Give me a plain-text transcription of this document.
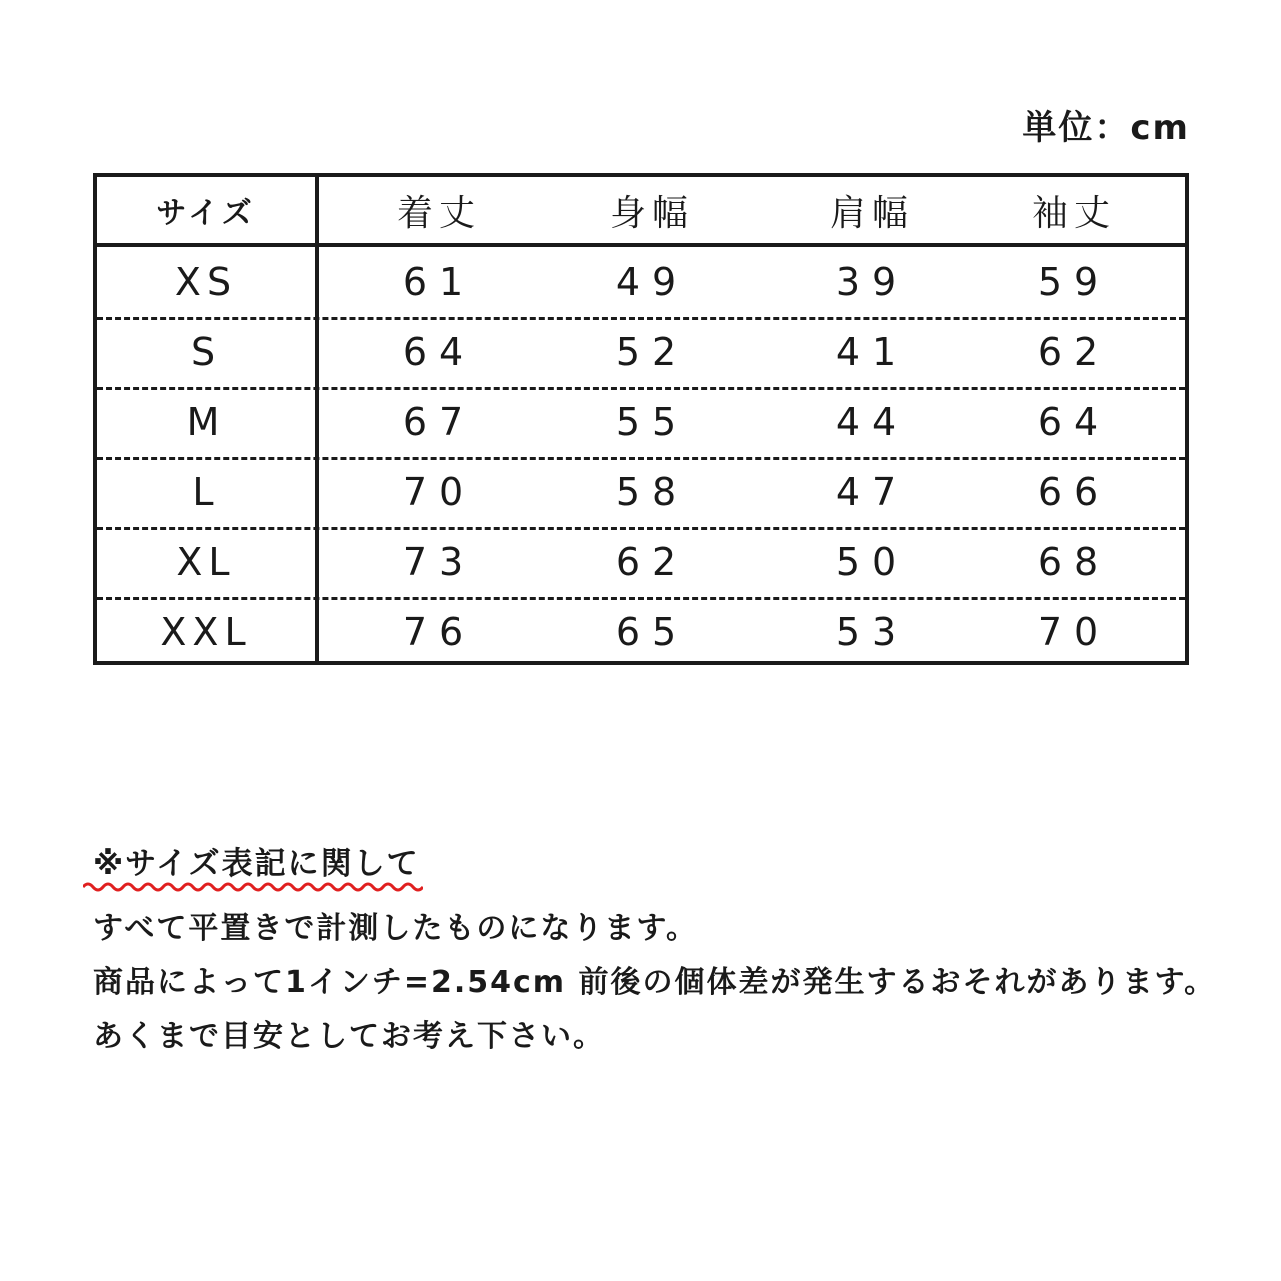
単位：cm
サイズ	着丈	身幅	肩幅	袖丈
XS	61	49	39	59
S	64	52	41	62
M	67	55	44	64
L	70	58	47	66
XL	73	62	50	68
XXL	76	65	53	70
※サイズ表記に関して
すべて平置きで計測したものになります。
商品によって1インチ=2.54cm 前後の個体差が発生するおそれがあります。
あくまで目安としてお考え下さい。
